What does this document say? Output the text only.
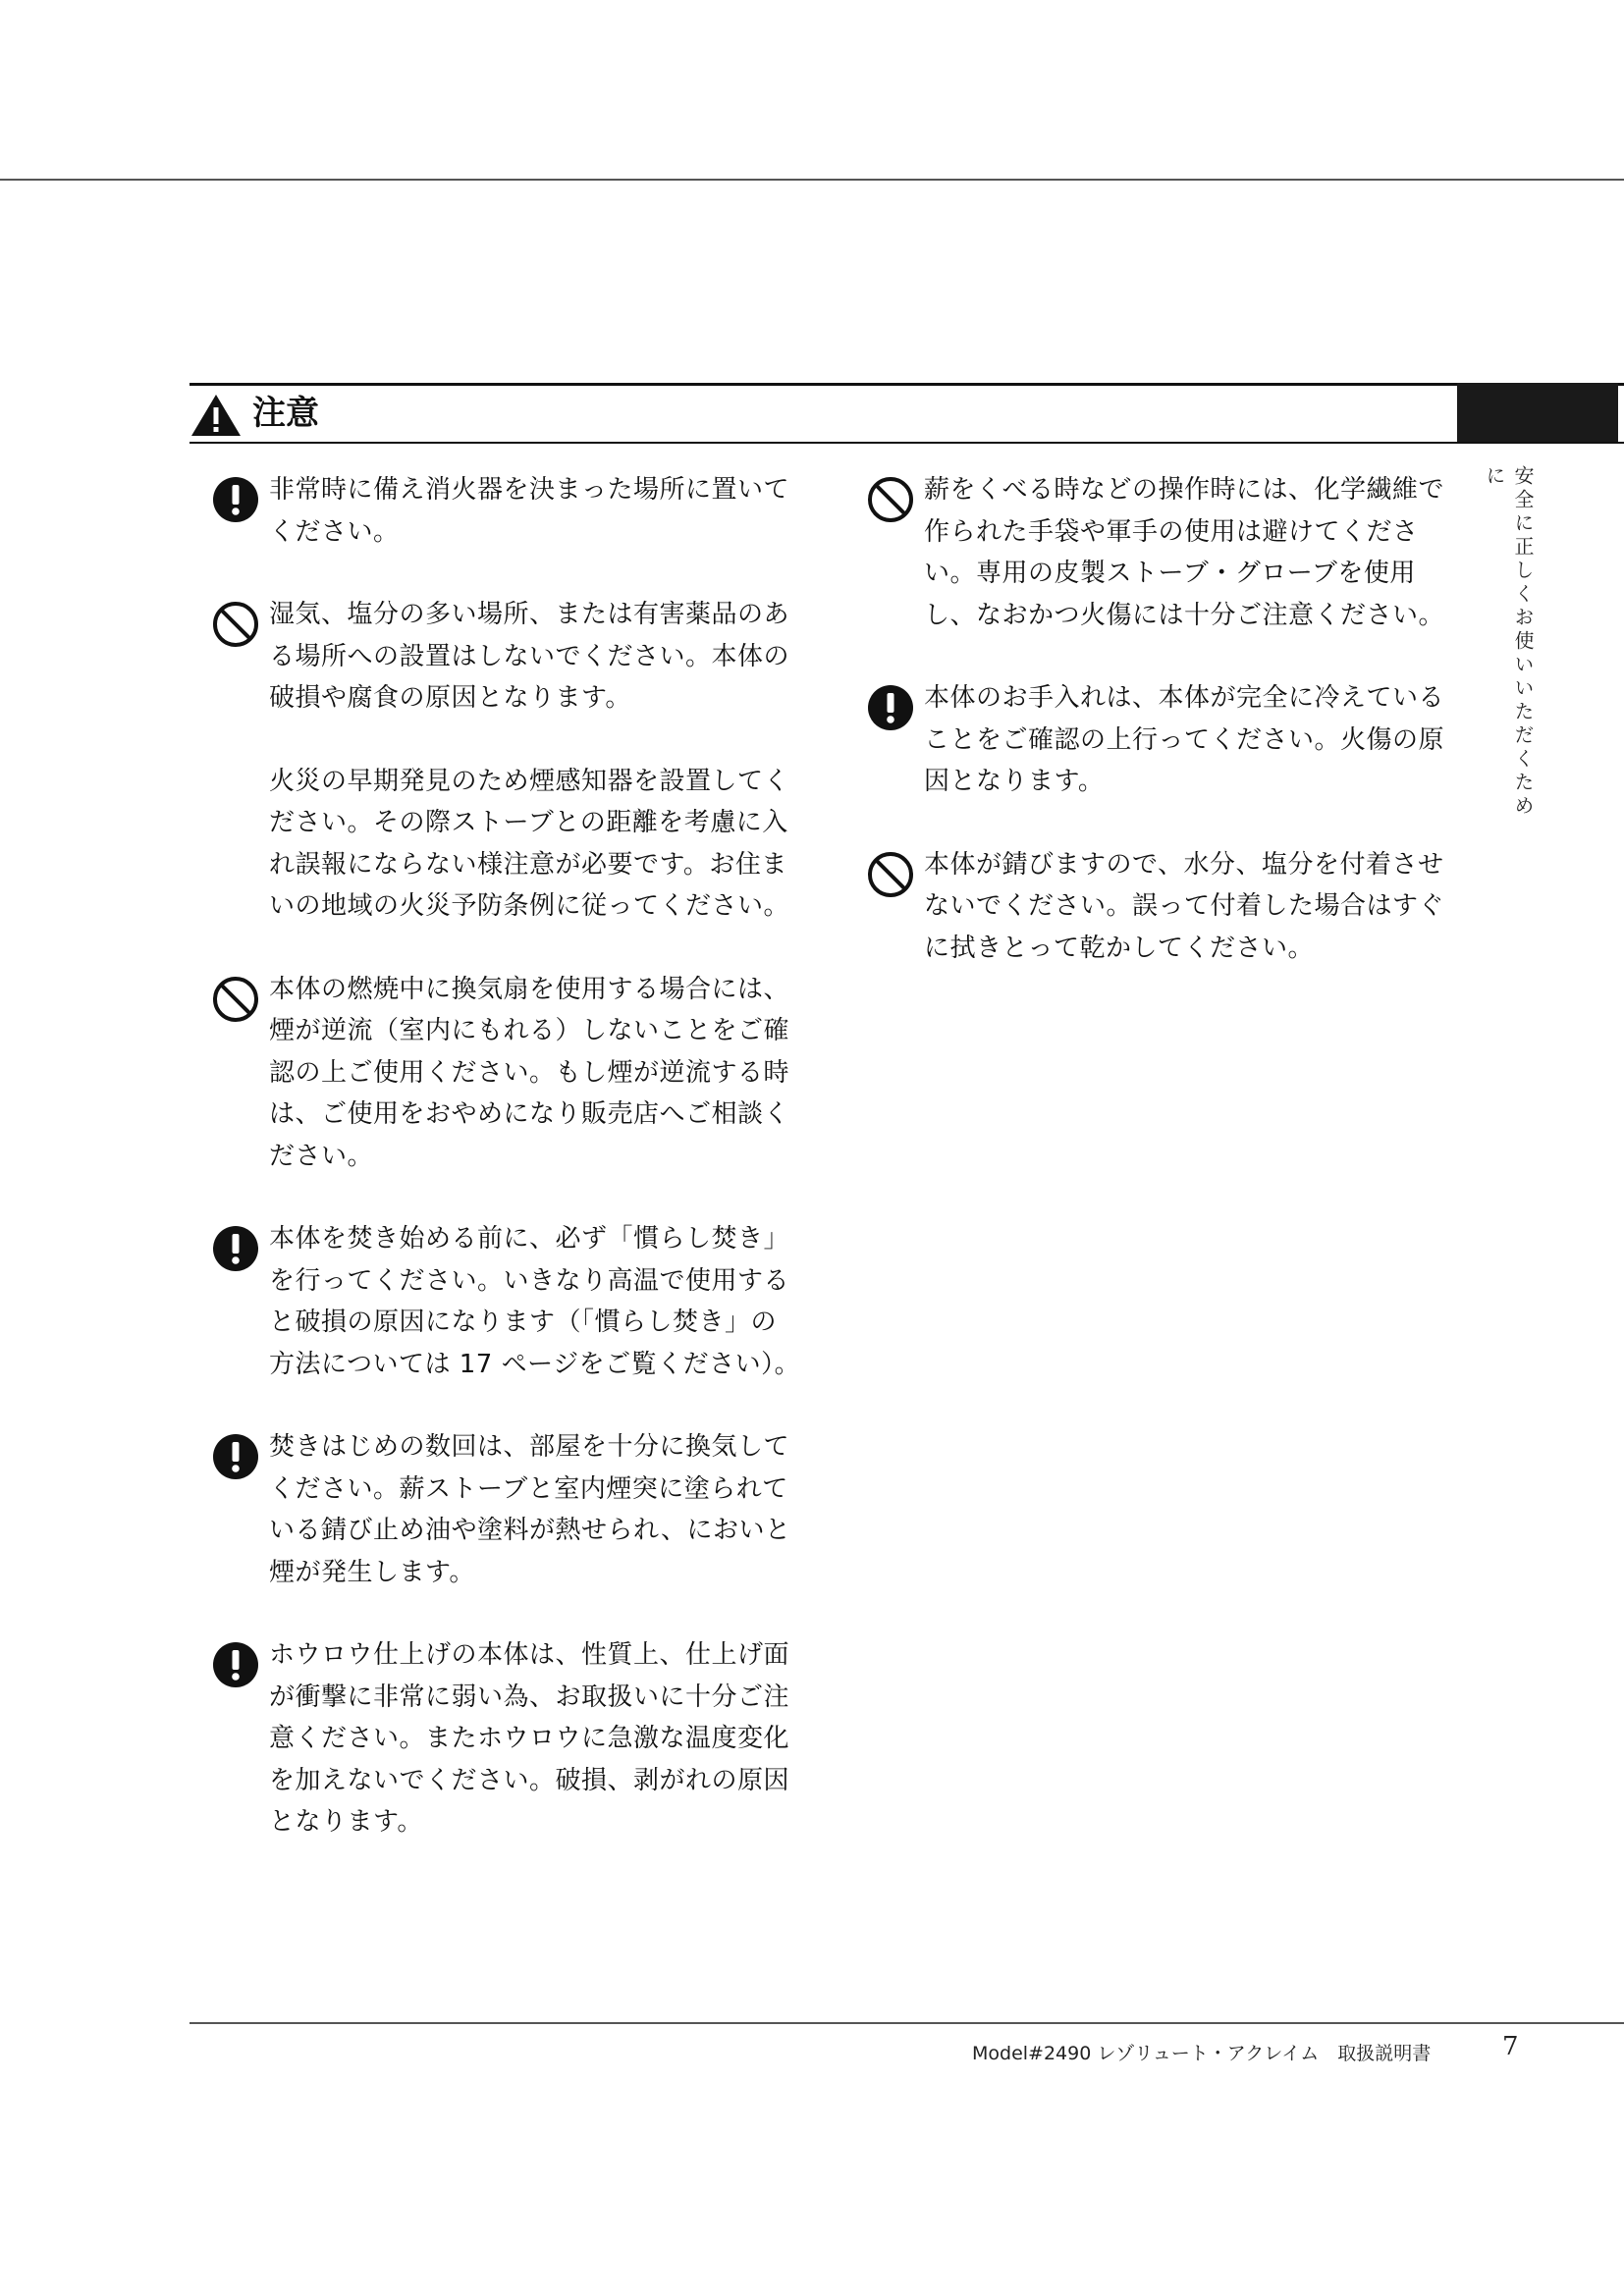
注意
安全に正しくお使いいただくために

非常時に備え消火器を決まった場所に置いてください。

湿気、塩分の多い場所、または有害薬品のある場所への設置はしないでください。本体の破損や腐食の原因となります。

火災の早期発見のため煙感知器を設置してください。その際ストーブとの距離を考慮に入れ誤報にならない様注意が必要です。お住まいの地域の火災予防条例に従ってください。

本体の燃焼中に換気扇を使用する場合には、煙が逆流（室内にもれる）しないことをご確認の上ご使用ください。もし煙が逆流する時は、ご使用をおやめになり販売店へご相談ください。

本体を焚き始める前に、必ず「慣らし焚き」を行ってください。いきなり高温で使用すると破損の原因になります（「慣らし焚き」の方法については 17 ページをご覧ください）。

焚きはじめの数回は、部屋を十分に換気してください。薪ストーブと室内煙突に塗られている錆び止め油や塗料が熱せられ、においと煙が発生します。

ホウロウ仕上げの本体は、性質上、仕上げ面が衝撃に非常に弱い為、お取扱いに十分ご注意ください。またホウロウに急激な温度変化を加えないでください。破損、剥がれの原因となります。

薪をくべる時などの操作時には、化学繊維で作られた手袋や軍手の使用は避けてください。専用の皮製ストーブ・グローブを使用し、なおかつ火傷には十分ご注意ください。

本体のお手入れは、本体が完全に冷えていることをご確認の上行ってください。火傷の原因となります。

本体が錆びますので、水分、塩分を付着させないでください。誤って付着した場合はすぐに拭きとって乾かしてください。

Model#2490 レゾリュート・アクレイム　取扱説明書	7
